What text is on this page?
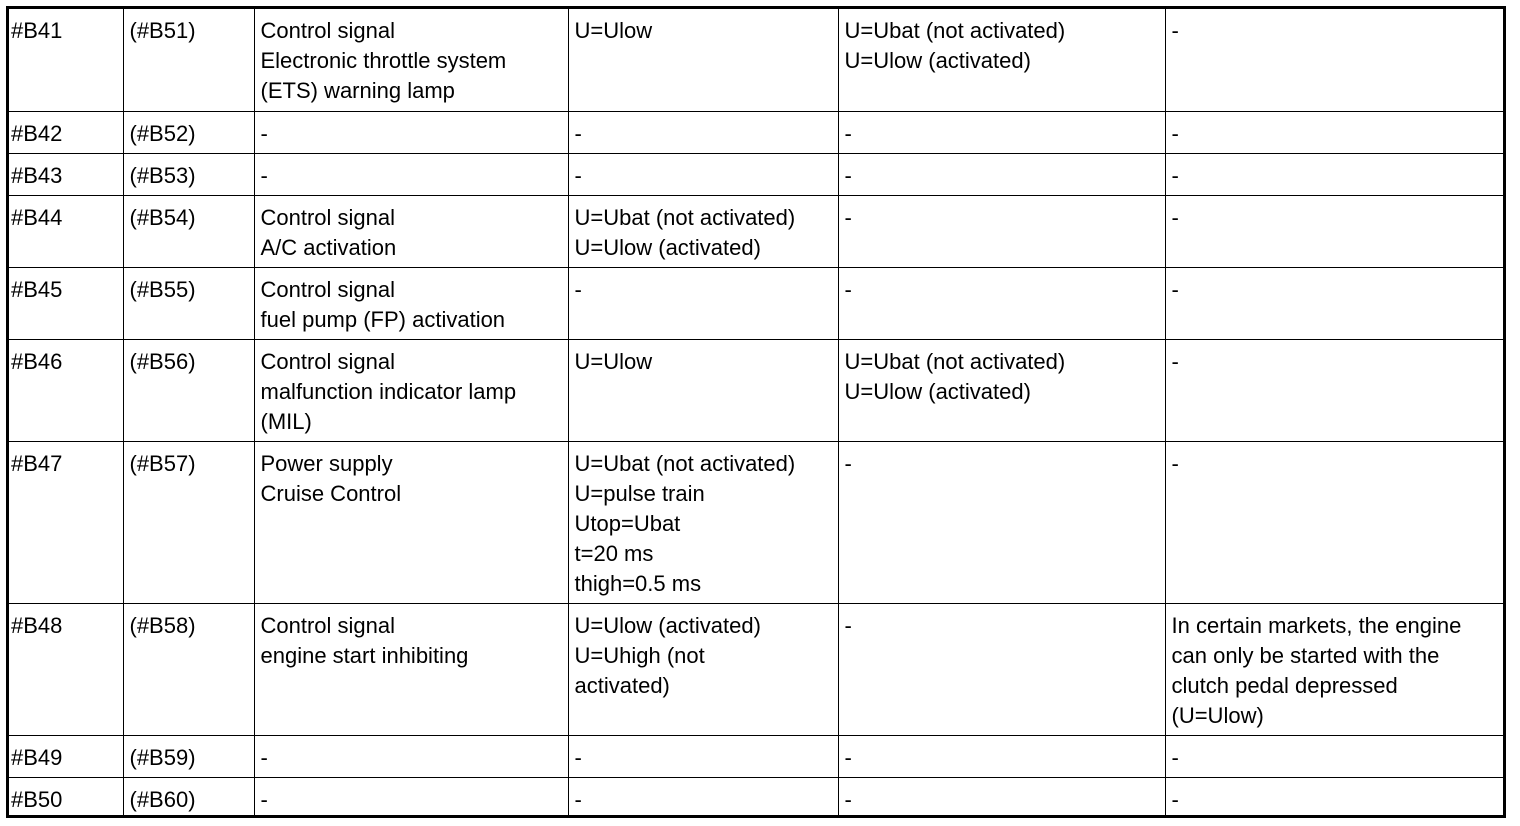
#B41	(#B51)	Control signal
Electronic throttle system
(ETS) warning lamp	U=Ulow	U=Ubat (not activated)
U=Ulow (activated)	-

#B42	(#B52)	-	-	-	-

#B43	(#B53)	-	-	-	-

#B44	(#B54)	Control signal
A/C activation	U=Ubat (not activated)
U=Ulow (activated)	-	-

#B45	(#B55)	Control signal
fuel pump (FP) activation	-	-	-

#B46	(#B56)	Control signal
malfunction indicator lamp
(MIL)	U=Ulow	U=Ubat (not activated)
U=Ulow (activated)	-

#B47	(#B57)	Power supply
Cruise Control	U=Ubat (not activated)
U=pulse train
Utop=Ubat
t=20 ms
thigh=0.5 ms	-	-

#B48	(#B58)	Control signal
engine start inhibiting	U=Ulow (activated)
U=Uhigh (not
activated)	-	In certain markets, the engine
can only be started with the
clutch pedal depressed
(U=Ulow)

#B49	(#B59)	-	-	-	-

#B50	(#B60)	-	-	-	-
